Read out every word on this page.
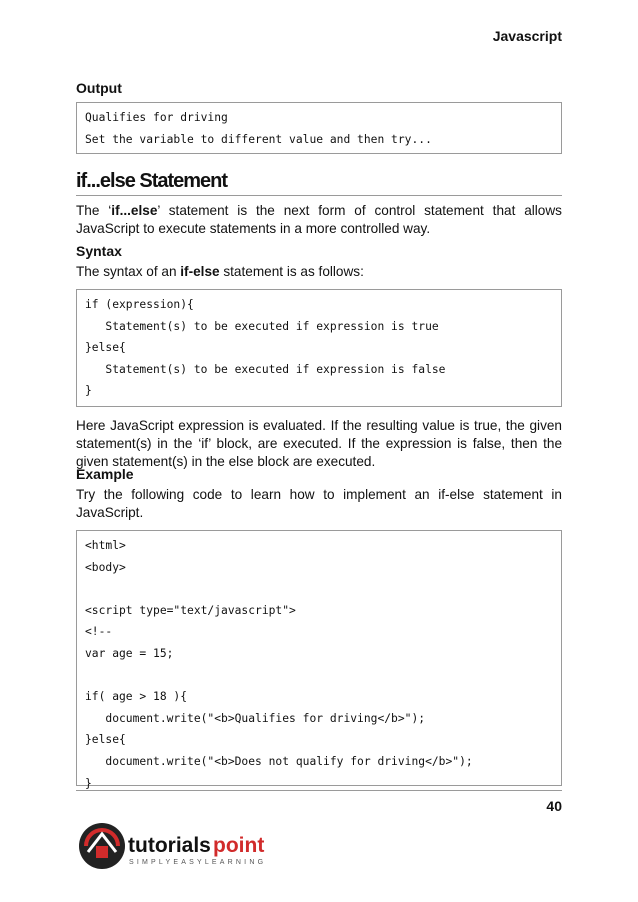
Javascript

Output

Qualifies for driving
Set the variable to different value and then try...
if...else Statement

The ‘if...else’ statement is the next form of control statement that allows JavaScript to execute statements in a more controlled way.

Syntax

The syntax of an if-else statement is as follows:

if (expression){
Statement(s) to be executed if expression is true
}else{
Statement(s) to be executed if expression is false
}

Here JavaScript expression is evaluated. If the resulting value is true, the given statement(s) in the ‘if’ block, are executed. If the expression is false, then the given statement(s) in the else block are executed.

Example

Try the following code to learn how to implement an if-else statement in JavaScript.

<html>
<body>
<script type="text/javascript">
<!--
var age = 15;
if( age > 18 ){
document.write("<b>Qualifies for driving</b>");
}else{
document.write("<b>Does not qualify for driving</b>");
}
40
tutorials point
SIMPLYEASYLEARNING
